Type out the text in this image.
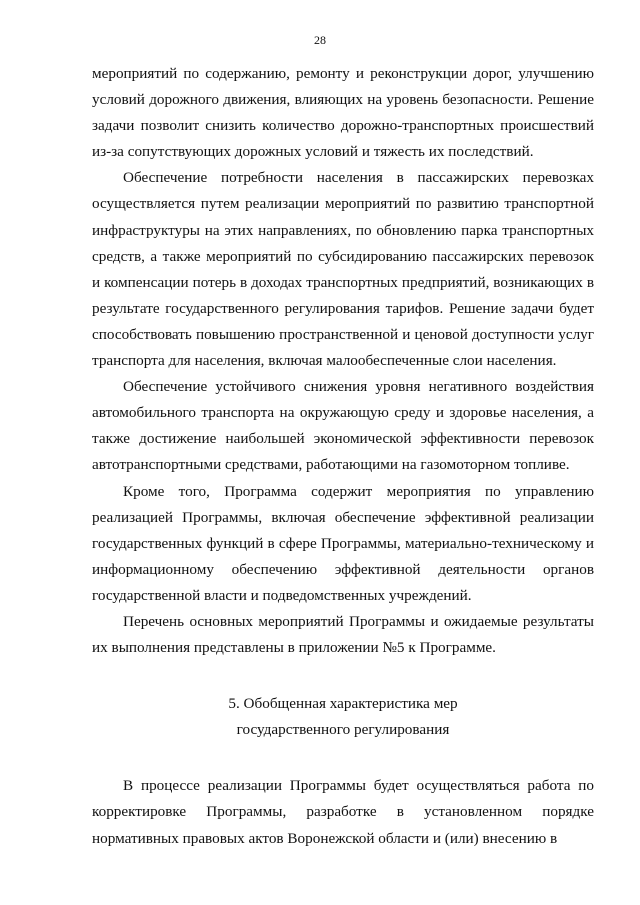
28

мероприятий по содержанию, ремонту и реконструкции дорог, улучшению условий дорожного движения, влияющих на уровень безопасности. Решение задачи позволит снизить количество дорожно-транспортных происшествий из-за сопутствующих дорожных условий и тяжесть их последствий.

Обеспечение потребности населения в пассажирских перевозках осуществляется путем реализации мероприятий по развитию транспортной инфраструктуры на этих направлениях, по обновлению парка транспортных средств, а также мероприятий по субсидированию пассажирских перевозок и компенсации потерь в доходах транспортных предприятий, возникающих в результате государственного регулирования тарифов. Решение задачи будет способствовать повышению пространственной и ценовой доступности услуг транспорта для населения, включая малообеспеченные слои населения.

Обеспечение устойчивого снижения уровня негативного воздействия автомобильного транспорта на окружающую среду и здоровье населения, а также достижение наибольшей экономической эффективности перевозок автотранспортными средствами, работающими на газомоторном топливе.

Кроме того, Программа содержит мероприятия по управлению реализацией Программы, включая обеспечение эффективной реализации государственных функций в сфере Программы, материально-техническому и информационному обеспечению эффективной деятельности органов государственной власти и подведомственных учреждений.

Перечень основных мероприятий Программы и ожидаемые результаты их выполнения представлены в приложении №5 к Программе.

5. Обобщенная характеристика мер
государственного регулирования

В процессе реализации Программы будет осуществляться работа по корректировке Программы, разработке в установленном порядке нормативных правовых актов Воронежской области и (или) внесению в
